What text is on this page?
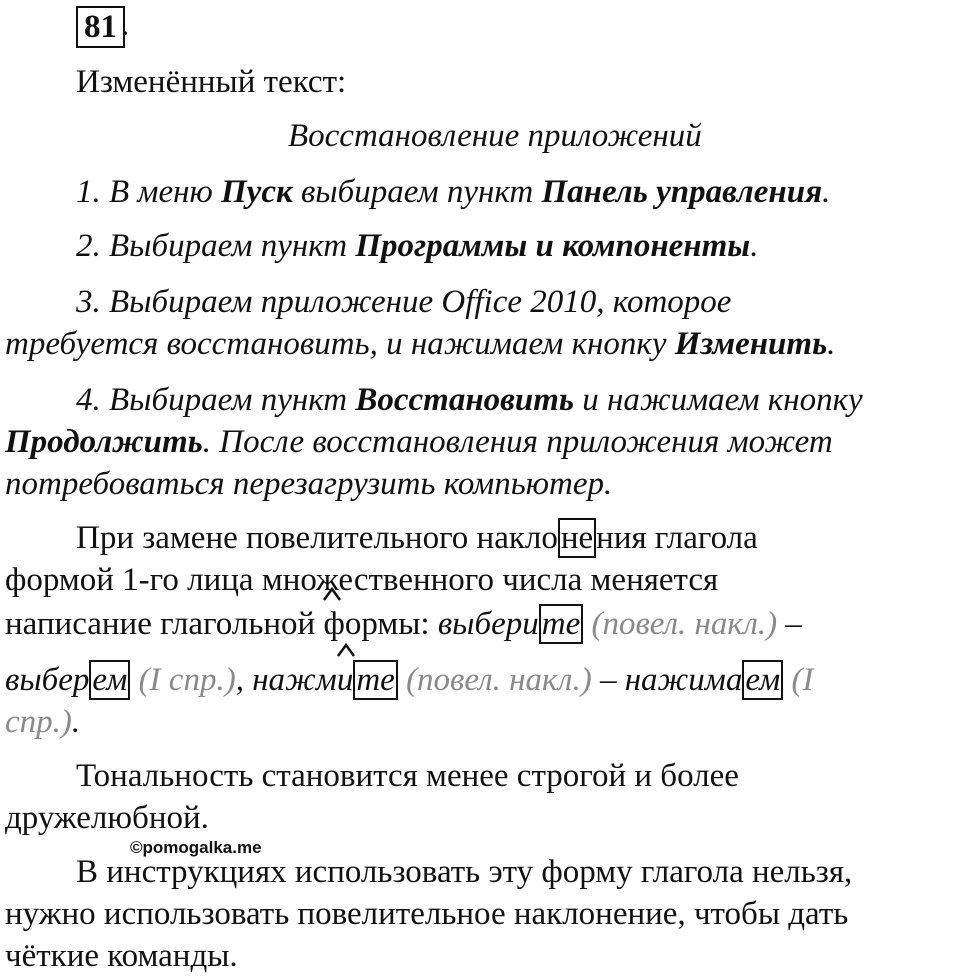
81 .
Изменённый текст:
Восстановление приложений
1. В меню Пуск выбираем пункт Панель управления.
2. Выбираем пункт Программы и компоненты.
3. Выбираем приложение Office 2010, которое
требуется восстановить, и нажимаем кнопку Изменить.
4. Выбираем пункт Восстановить и нажимаем кнопку
Продолжить. После восстановления приложения может
потребоваться перезагрузить компьютер.
При замене повелительного наклонения глагола
формой 1-го лица множественного числа меняется
написание глагольной
формы: выберите (повел. накл.) –
выберем (I спр.), нажм
ите (повел. накл.) – нажимаем (I
спр.).
Тональность становится менее строгой и более
дружелюбной.
©pomogalka.me
В инструкциях использовать эту форму глагола нельзя,
нужно использовать повелительное наклонение, чтобы дать
чёткие команды.
